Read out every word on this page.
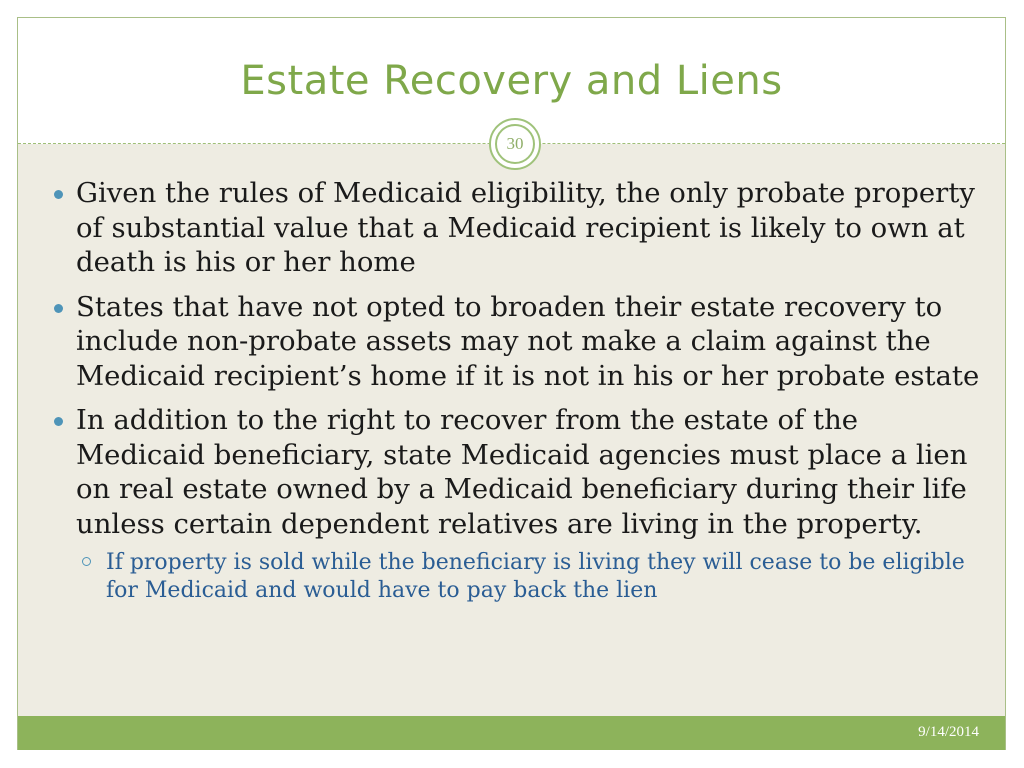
Estate Recovery and Liens
30
Given the rules of Medicaid eligibility, the only probate property of substantial value that a Medicaid recipient is likely to own at death is his or her home
States that have not opted to broaden their estate recovery to include non-probate assets may not make a claim against the Medicaid recipient’s home if it is not in his or her probate estate
In addition to the right to recover from the estate of the Medicaid beneficiary, state Medicaid agencies must place a lien on real estate owned by a Medicaid beneficiary during their life unless certain dependent relatives are living in the property.
If property is sold while the beneficiary is living they will cease to be eligible for Medicaid and would have to pay back the lien
9/14/2014
